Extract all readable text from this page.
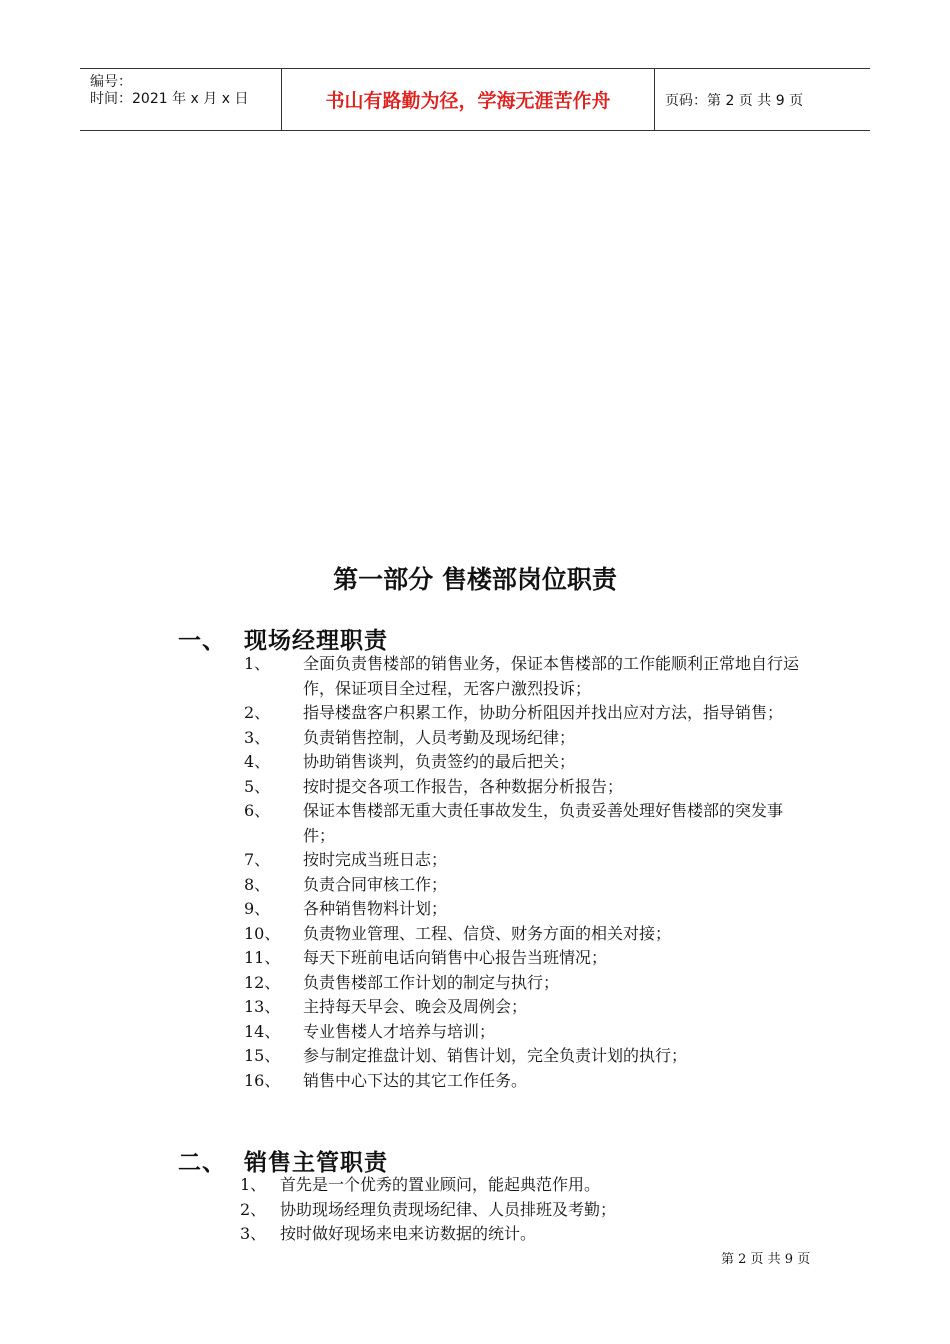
编号：
时间：2021 年 x 月 x 日	书山有路勤为径，学海无涯苦作舟	页码：第 2 页 共 9 页
第一部分 售楼部岗位职责
一、 现场经理职责
1、 全面负责售楼部的销售业务，保证本售楼部的工作能顺利正常地自行运作，保证项目全过程，无客户激烈投诉；
2、 指导楼盘客户积累工作，协助分析阻因并找出应对方法，指导销售；
3、 负责销售控制，人员考勤及现场纪律；
4、 协助销售谈判，负责签约的最后把关；
5、 按时提交各项工作报告，各种数据分析报告；
6、 保证本售楼部无重大责任事故发生，负责妥善处理好售楼部的突发事件；
7、 按时完成当班日志；
8、 负责合同审核工作；
9、 各种销售物料计划；
10、 负责物业管理、工程、信贷、财务方面的相关对接；
11、 每天下班前电话向销售中心报告当班情况；
12、 负责售楼部工作计划的制定与执行；
13、 主持每天早会、晚会及周例会；
14、 专业售楼人才培养与培训；
15、 参与制定推盘计划、销售计划，完全负责计划的执行；
16、 销售中心下达的其它工作任务。
二、 销售主管职责
1、 首先是一个优秀的置业顾问，能起典范作用。
2、 协助现场经理负责现场纪律、人员排班及考勤；
3、 按时做好现场来电来访数据的统计。
第 2 页 共 9 页
